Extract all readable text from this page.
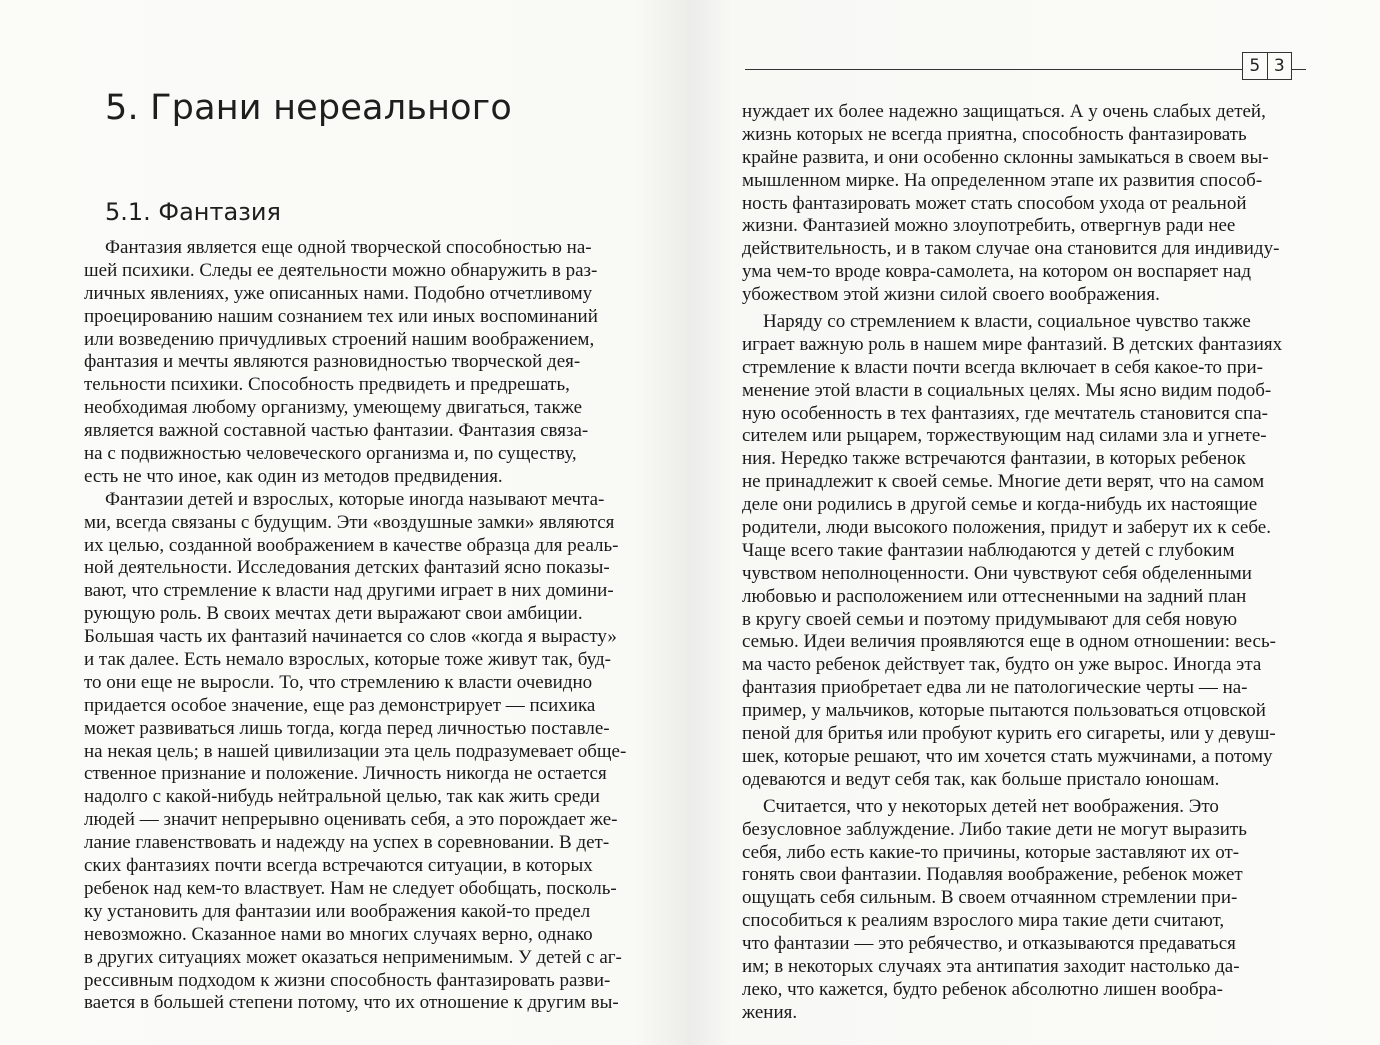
5. Грани нереального
5.1. Фантазия
Фантазия является еще одной творческой способностью на-
шей психики. Следы ее деятельности можно обнаружить в раз-
личных явлениях, уже описанных нами. Подобно отчетливому
проецированию нашим сознанием тех или иных воспоминаний
или возведению причудливых строений нашим воображением,
фантазия и мечты являются разновидностью творческой дея-
тельности психики. Способность предвидеть и предрешать,
необходимая любому организму, умеющему двигаться, также
является важной составной частью фантазии. Фантазия связа-
на с подвижностью человеческого организма и, по существу,
есть не что иное, как один из методов предвидения.
Фантазии детей и взрослых, которые иногда называют мечта-
ми, всегда связаны с будущим. Эти «воздушные замки» являются
их целью, созданной воображением в качестве образца для реаль-
ной деятельности. Исследования детских фантазий ясно показы-
вают, что стремление к власти над другими играет в них домини-
рующую роль. В своих мечтах дети выражают свои амбиции.
Большая часть их фантазий начинается со слов «когда я вырасту»
и так далее. Есть немало взрослых, которые тоже живут так, буд-
то они еще не выросли. То, что стремлению к власти очевидно
придается особое значение, еще раз демонстрирует — психика
может развиваться лишь тогда, когда перед личностью поставле-
на некая цель; в нашей цивилизации эта цель подразумевает обще-
ственное признание и положение. Личность никогда не остается
надолго с какой-нибудь нейтральной целью, так как жить среди
людей — значит непрерывно оценивать себя, а это порождает же-
лание главенствовать и надежду на успех в соревновании. В дет-
ских фантазиях почти всегда встречаются ситуации, в которых
ребенок над кем-то властвует. Нам не следует обобщать, посколь-
ку установить для фантазии или воображения какой-то предел
невозможно. Сказанное нами во многих случаях верно, однако
в других ситуациях может оказаться неприменимым. У детей с аг-
рессивным подходом к жизни способность фантазировать разви-
вается в большей степени потому, что их отношение к другим вы-
5 3
нуждает их более надежно защищаться. А у очень слабых детей,
жизнь которых не всегда приятна, способность фантазировать
крайне развита, и они особенно склонны замыкаться в своем вы-
мышленном мирке. На определенном этапе их развития способ-
ность фантазировать может стать способом ухода от реальной
жизни. Фантазией можно злоупотребить, отвергнув ради нее
действительность, и в таком случае она становится для индивиду-
ума чем-то вроде ковра-самолета, на котором он воспаряет над
убожеством этой жизни силой своего воображения.
Наряду со стремлением к власти, социальное чувство также
играет важную роль в нашем мире фантазий. В детских фантазиях
стремление к власти почти всегда включает в себя какое-то при-
менение этой власти в социальных целях. Мы ясно видим подоб-
ную особенность в тех фантазиях, где мечтатель становится спа-
сителем или рыцарем, торжествующим над силами зла и угнете-
ния. Нередко также встречаются фантазии, в которых ребенок
не принадлежит к своей семье. Многие дети верят, что на самом
деле они родились в другой семье и когда-нибудь их настоящие
родители, люди высокого положения, придут и заберут их к себе.
Чаще всего такие фантазии наблюдаются у детей с глубоким
чувством неполноценности. Они чувствуют себя обделенными
любовью и расположением или оттесненными на задний план
в кругу своей семьи и поэтому придумывают для себя новую
семью. Идеи величия проявляются еще в одном отношении: весь-
ма часто ребенок действует так, будто он уже вырос. Иногда эта
фантазия приобретает едва ли не патологические черты — на-
пример, у мальчиков, которые пытаются пользоваться отцовской
пеной для бритья или пробуют курить его сигареты, или у девуш-
шек, которые решают, что им хочется стать мужчинами, а потому
одеваются и ведут себя так, как больше пристало юношам.
Считается, что у некоторых детей нет воображения. Это
безусловное заблуждение. Либо такие дети не могут выразить
себя, либо есть какие-то причины, которые заставляют их от-
гонять свои фантазии. Подавляя воображение, ребенок может
ощущать себя сильным. В своем отчаянном стремлении при-
способиться к реалиям взрослого мира такие дети считают,
что фантазии — это ребячество, и отказываются предаваться
им; в некоторых случаях эта антипатия заходит настолько да-
леко, что кажется, будто ребенок абсолютно лишен вообра-
жения.
